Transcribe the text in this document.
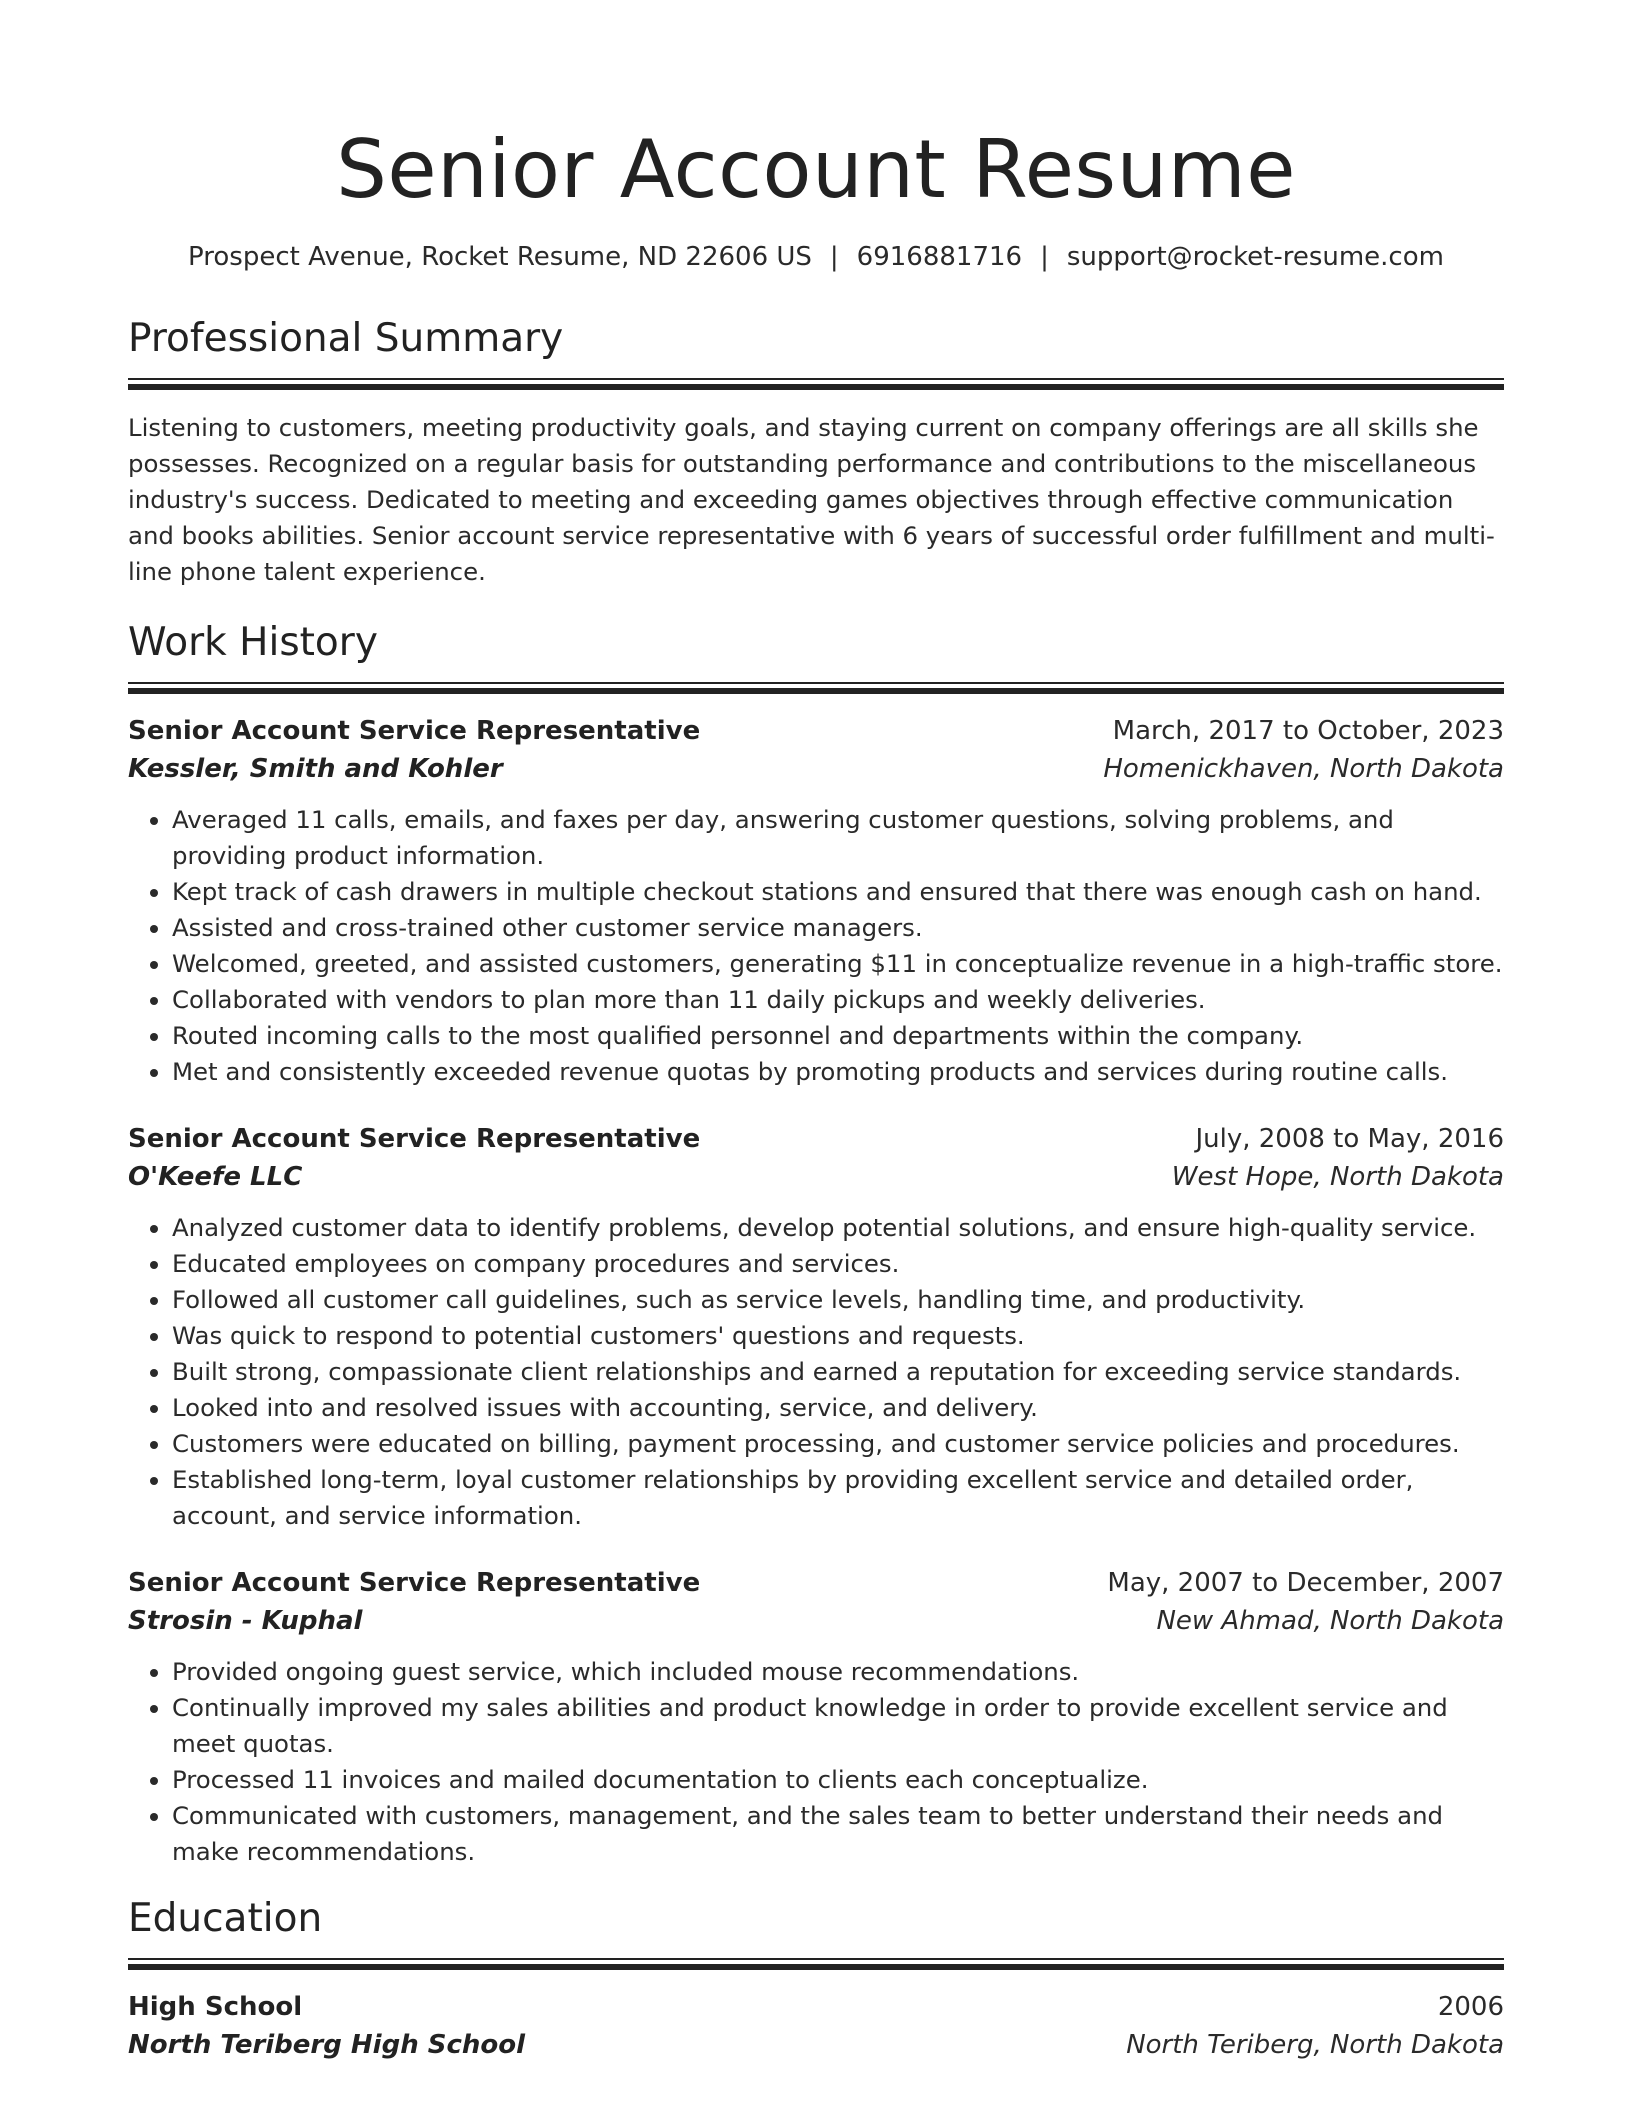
Senior Account Resume
Prospect Avenue, Rocket Resume, ND 22606 US | 6916881716 | support@rocket-resume.com
Professional Summary

Listening to customers, meeting productivity goals, and staying current on company offerings are all skills she possesses. Recognized on a regular basis for outstanding performance and contributions to the miscellaneous industry's success. Dedicated to meeting and exceeding games objectives through effective communication and books abilities. Senior account service representative with 6 years of successful order fulfillment and multi-line phone talent experience.

Work History
Senior Account Service Representative	March, 2017 to October, 2023
Kessler, Smith and Kohler	Homenickhaven, North Dakota
• Averaged 11 calls, emails, and faxes per day, answering customer questions, solving problems, and providing product information.
• Kept track of cash drawers in multiple checkout stations and ensured that there was enough cash on hand.
• Assisted and cross-trained other customer service managers.
• Welcomed, greeted, and assisted customers, generating $11 in conceptualize revenue in a high-traffic store.
• Collaborated with vendors to plan more than 11 daily pickups and weekly deliveries.
• Routed incoming calls to the most qualified personnel and departments within the company.
• Met and consistently exceeded revenue quotas by promoting products and services during routine calls.
Senior Account Service Representative	July, 2008 to May, 2016
O'Keefe LLC	West Hope, North Dakota
• Analyzed customer data to identify problems, develop potential solutions, and ensure high-quality service.
• Educated employees on company procedures and services.
• Followed all customer call guidelines, such as service levels, handling time, and productivity.
• Was quick to respond to potential customers' questions and requests.
• Built strong, compassionate client relationships and earned a reputation for exceeding service standards.
• Looked into and resolved issues with accounting, service, and delivery.
• Customers were educated on billing, payment processing, and customer service policies and procedures.
• Established long-term, loyal customer relationships by providing excellent service and detailed order, account, and service information.
Senior Account Service Representative	May, 2007 to December, 2007
Strosin - Kuphal	New Ahmad, North Dakota
• Provided ongoing guest service, which included mouse recommendations.
• Continually improved my sales abilities and product knowledge in order to provide excellent service and meet quotas.
• Processed 11 invoices and mailed documentation to clients each conceptualize.
• Communicated with customers, management, and the sales team to better understand their needs and make recommendations.
Education
High School	2006
North Teriberg High School	North Teriberg, North Dakota
